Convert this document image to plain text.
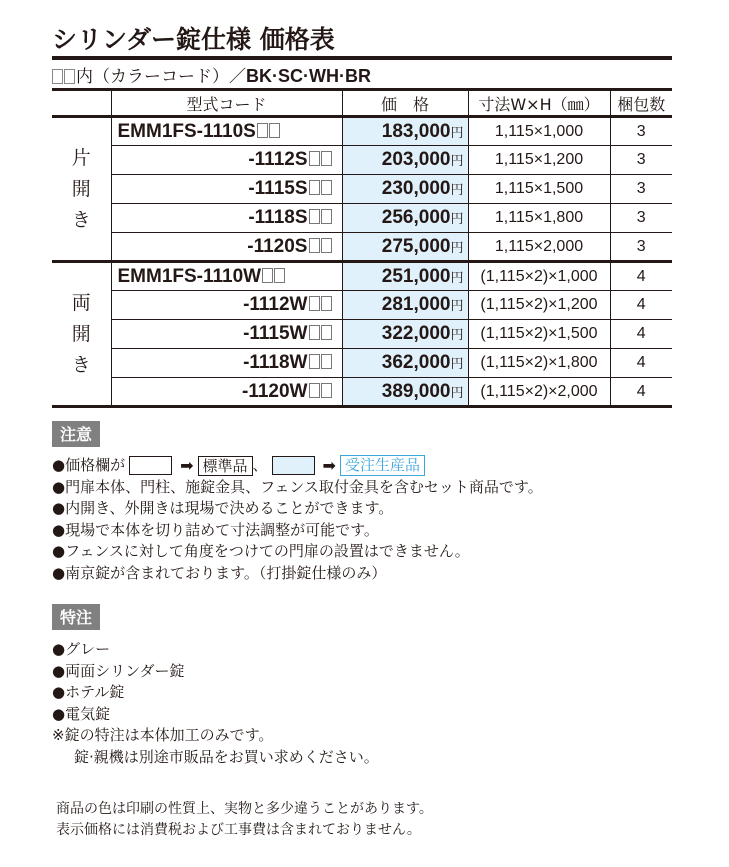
シリンダー錠仕様 価格表
内（カラーコード）／BK·SC·WH·BR
	型式コード	価　格	寸法W×H（㎜）	梱包数

片
開
き	EMM1FS-1110S	183,000円	1,115×1,000	3
	-1112S	203,000円	1,115×1,200	3
	-1115S	230,000円	1,115×1,500	3
	-1118S	256,000円	1,115×1,800	3
	-1120S	275,000円	1,115×2,000	3

両
開
き	EMM1FS-1110W	251,000円	(1,115×2)×1,000	4
	-1112W	281,000円	(1,115×2)×1,200	4
	-1115W	322,000円	(1,115×2)×1,500	4
	-1118W	362,000円	(1,115×2)×1,800	4
	-1120W	389,000円	(1,115×2)×2,000	4
注意
●価格欄が	➡ 標準品 、	➡ 受注生産品
●門扉本体、門柱、施錠金具、フェンス取付金具を含むセット商品です。
●内開き、外開きは現場で決めることができます。
●現場で本体を切り詰めて寸法調整が可能です。
●フェンスに対して角度をつけての門扉の設置はできません。
●南京錠が含まれております。（打掛錠仕様のみ）
特注
●グレー
●両面シリンダー錠
●ホテル錠
●電気錠
※錠の特注は本体加工のみです。
錠·親機は別途市販品をお買い求めください。
商品の色は印刷の性質上、実物と多少違うことがあります。
表示価格には消費税および工事費は含まれておりません。
